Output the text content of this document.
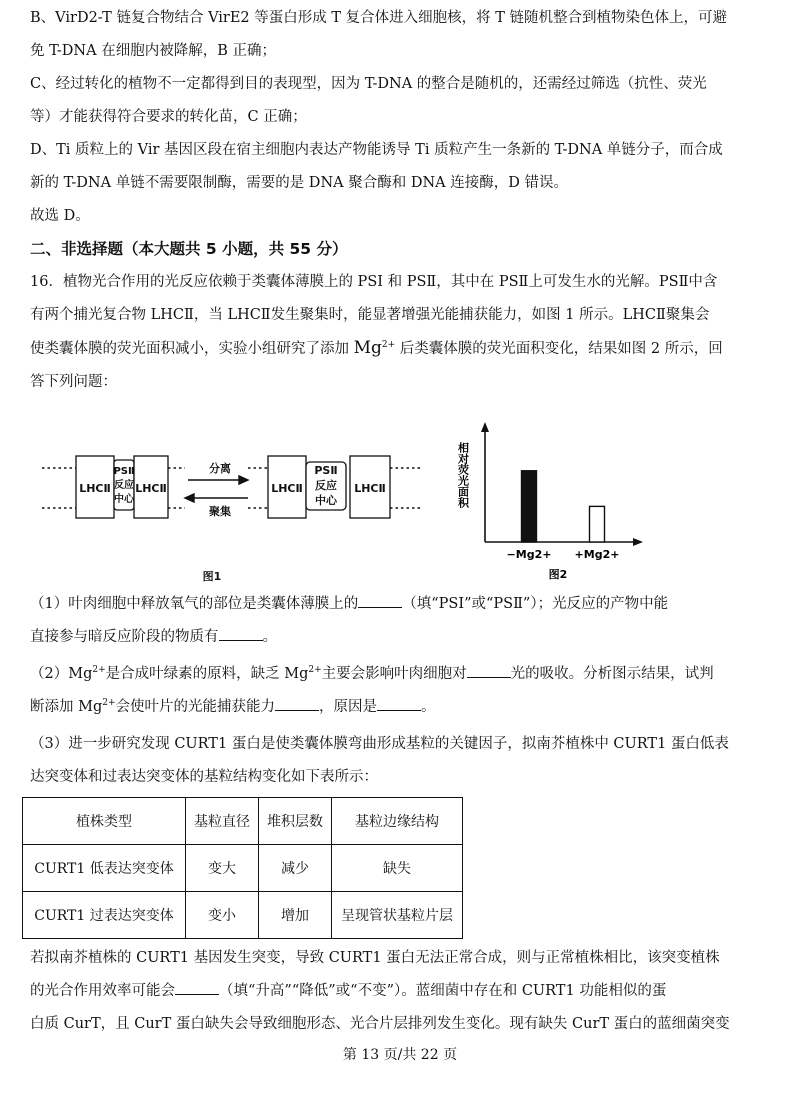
B、VirD2-T 链复合物结合 VirE2 等蛋白形成 T 复合体进入细胞核，将 T 链随机整合到植物染色体上，可避

免 T-DNA 在细胞内被降解，B 正确；

C、经过转化的植物不一定都得到目的表现型，因为 T-DNA 的整合是随机的，还需经过筛选（抗性、荧光

等）才能获得符合要求的转化苗，C 正确；

D、Ti 质粒上的 Vir 基因区段在宿主细胞内表达产物能诱导 Ti 质粒产生一条新的 T-DNA 单链分子，而合成

新的 T-DNA 单链不需要限制酶，需要的是 DNA 聚合酶和 DNA 连接酶，D 错误。

故选 D。

二、非选择题（本大题共 5 小题，共 55 分）

16．植物光合作用的光反应依赖于类囊体薄膜上的 PSI 和 PSⅡ，其中在 PSⅡ上可发生水的光解。PSⅡ中含

有两个捕光复合物 LHCⅡ，当 LHCⅡ发生聚集时，能显著增强光能捕获能力，如图 1 所示。LHCⅡ聚集会

使类囊体膜的荧光面积减小，实验小组研究了添加 $Mg^{2+}$ 后类囊体膜的荧光面积变化，结果如图 2 所示，回

答下列问题：

LHCⅡ LHCⅡ	LHCⅡ	LHCⅡ
PSⅡ
反应
中心
PSⅡ
反应
中心
分离
聚集
图1
相对荧光面积
−Mg2+ +Mg2+
图2

（1）叶肉细胞中释放氧气的部位是类囊体薄膜上的	（填“PSⅠ”或“PSⅡ”）；光反应的产物中能

直接参与暗反应阶段的物质有	。

$(2)Mg^{2+}$是合成叶绿素的原料，缺乏 $Mg^{2+}$主要会影响叶肉细胞对	光的吸收。分析图示结果，试判

断添加 $Mg^{2+}$会使叶片的光能捕获能力	，原因是	。

（3）进一步研究发现 CURT1 蛋白是使类囊体膜弯曲形成基粒的关键因子，拟南芥植株中 CURT1 蛋白低表

达突变体和过表达突变体的基粒结构变化如下表所示：

植株类型	基粒直径	堆积层数	基粒边缘结构
CURT1 低表达突变体	变大	减少	缺失
CURT1 过表达突变体	变小	增加	呈现管状基粒片层

若拟南芥植株的 CURT1 基因发生突变，导致 CURT1 蛋白无法正常合成，则与正常植株相比，该突变植株

的光合作用效率可能会	（填“升高”“降低”或“不变”）。蓝细菌中存在和 CURT1 功能相似的蛋

白质 CurT，且 CurT 蛋白缺失会导致细胞形态、光合片层排列发生变化。现有缺失 CurT 蛋白的蓝细菌突变

第 13 页/共 22 页
